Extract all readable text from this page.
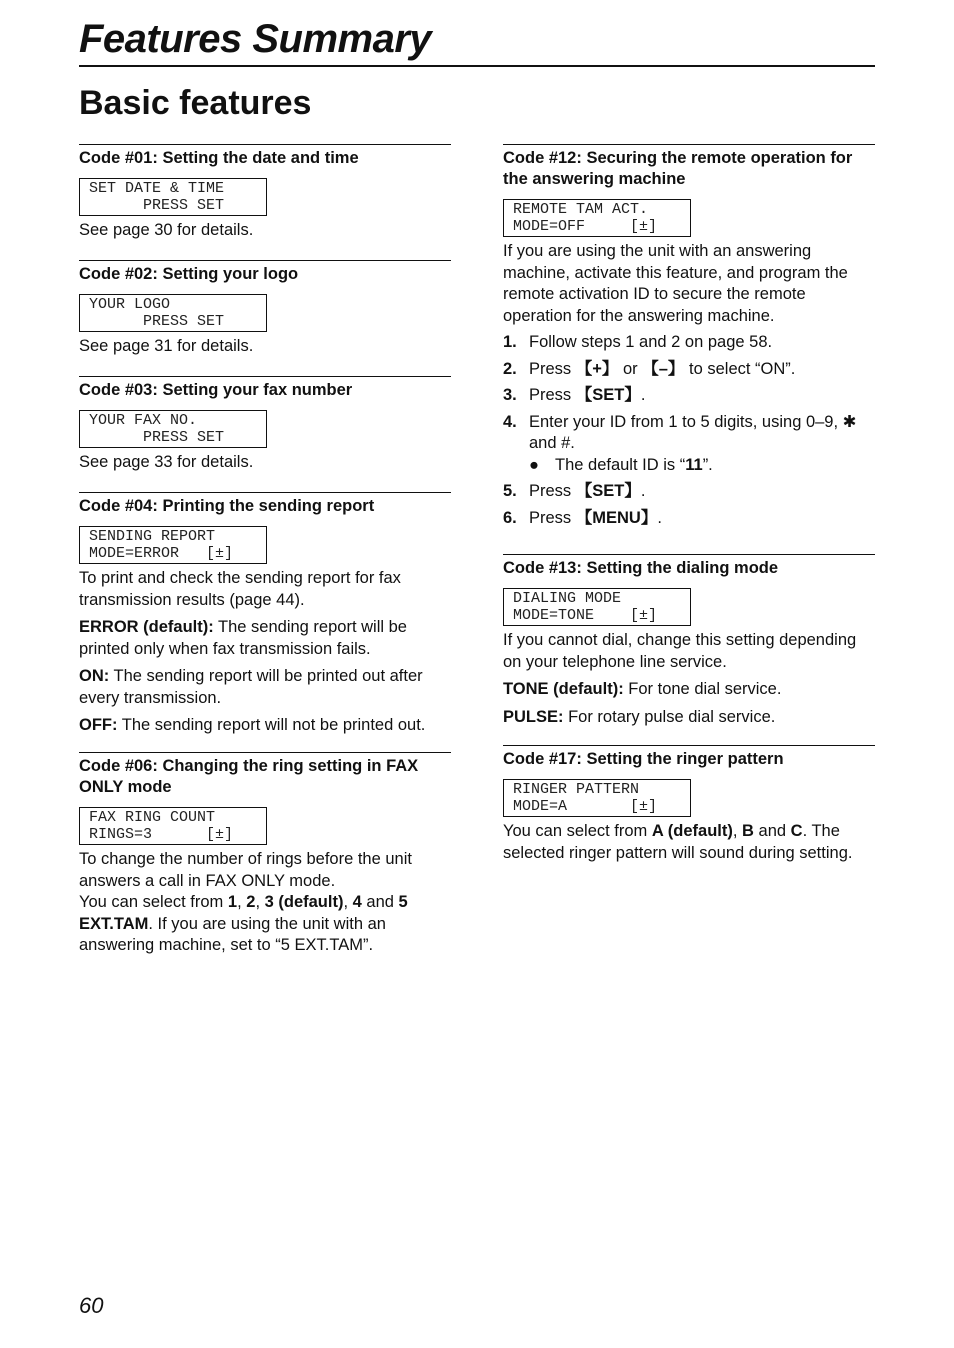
Features Summary
Basic features

Code #01: Setting the date and time

SET DATE & TIME
PRESS SET

See page 30 for details.

Code #02: Setting your logo

YOUR LOGO
PRESS SET

See page 31 for details.

Code #03: Setting your fax number

YOUR FAX NO.
PRESS SET

See page 33 for details.

Code #04: Printing the sending report

SENDING REPORT
MODE=ERROR   [±]

To print and check the sending report for fax transmission results (page 44).

ERROR (default): The sending report will be printed only when fax transmission fails.

ON: The sending report will be printed out after every transmission.

OFF: The sending report will not be printed out.

Code #06: Changing the ring setting in FAX ONLY mode

FAX RING COUNT
RINGS=3      [±]

To change the number of rings before the unit answers a call in FAX ONLY mode.

You can select from 1, 2, 3 (default), 4 and 5 EXT.TAM. If you are using the unit with an answering machine, set to “5 EXT.TAM”.

Code #12: Securing the remote operation for the answering machine

REMOTE TAM ACT.
MODE=OFF     [±]

If you are using the unit with an answering machine, activate this feature, and program the remote activation ID to secure the remote operation for the answering machine.

1. Follow steps 1 and 2 on page 58.
2. Press 【+】 or 【–】 to select “ON”.
3. Press 【SET】.
4. Enter your ID from 1 to 5 digits, using 0–9, ✱ and #.
● The default ID is “11”.
5. Press 【SET】.
6. Press 【MENU】.

Code #13: Setting the dialing mode

DIALING MODE
MODE=TONE    [±]

If you cannot dial, change this setting depending on your telephone line service.

TONE (default): For tone dial service.

PULSE: For rotary pulse dial service.

Code #17: Setting the ringer pattern

RINGER PATTERN
MODE=A       [±]

You can select from A (default), B and C. The selected ringer pattern will sound during setting.

60
